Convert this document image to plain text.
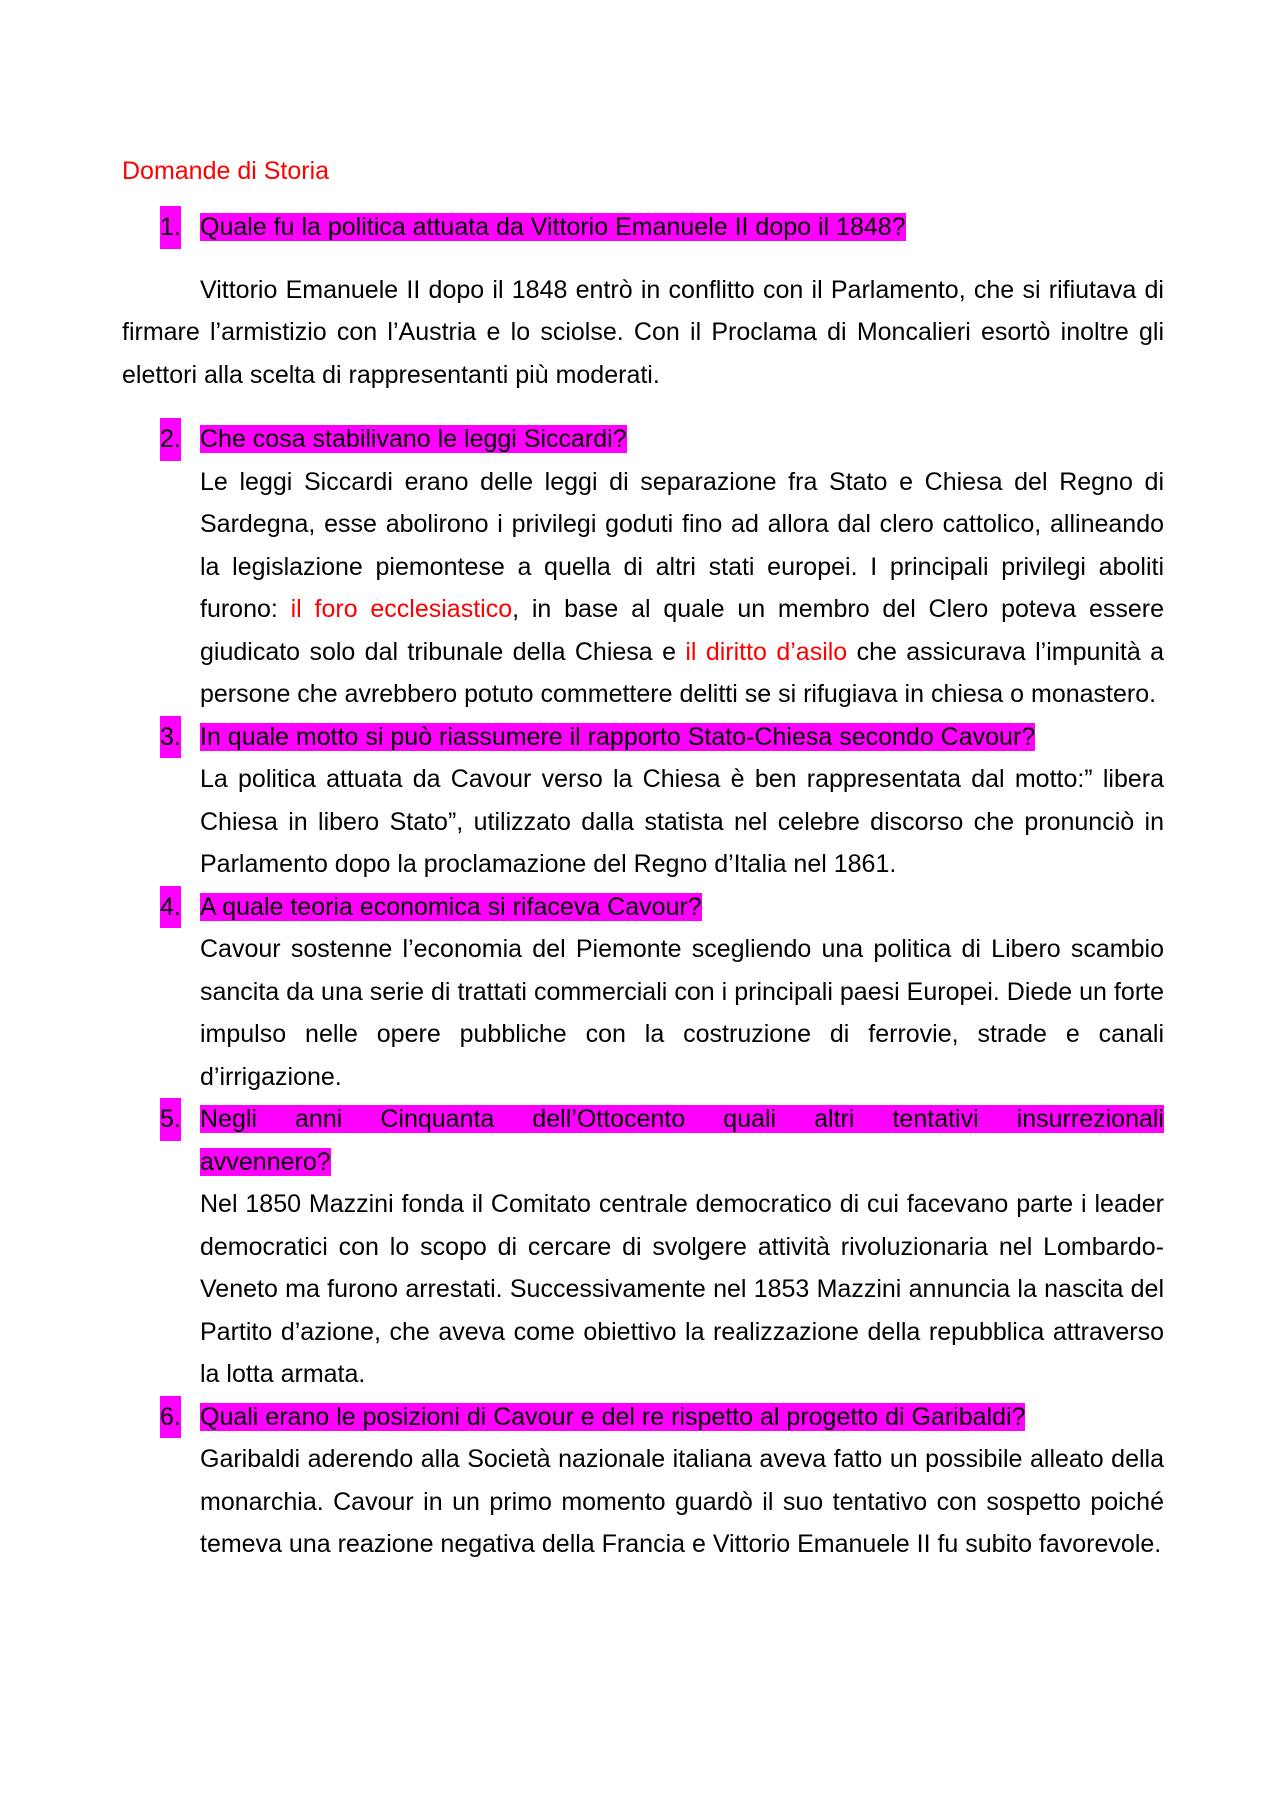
Domande di Storia
1. Quale fu la politica attuata da Vittorio Emanuele II dopo il 1848?
Vittorio Emanuele II dopo il 1848 entrò in conflitto con il Parlamento, che si rifiutava di firmare l’armistizio con l’Austria e lo sciolse. Con il Proclama di Moncalieri esortò inoltre gli elettori alla scelta di rappresentanti più moderati.
2. Che cosa stabilivano le leggi Siccardi?
Le leggi Siccardi erano delle leggi di separazione fra Stato e Chiesa del Regno di Sardegna, esse abolirono i privilegi goduti fino ad allora dal clero cattolico, allineando la legislazione piemontese a quella di altri stati europei. I principali privilegi aboliti furono: il foro ecclesiastico, in base al quale un membro del Clero poteva essere giudicato solo dal tribunale della Chiesa e il diritto d’asilo che assicurava l’impunità a persone che avrebbero potuto commettere delitti se si rifugiava in chiesa o monastero.
3. In quale motto si può riassumere il rapporto Stato-Chiesa secondo Cavour?
La politica attuata da Cavour verso la Chiesa è ben rappresentata dal motto:” libera Chiesa in libero Stato”, utilizzato dalla statista nel celebre discorso che pronunciò in Parlamento dopo la proclamazione del Regno d’Italia nel 1861.
4. A quale teoria economica si rifaceva Cavour?
Cavour sostenne l’economia del Piemonte scegliendo una politica di Libero scambio sancita da una serie di trattati commerciali con i principali paesi Europei. Diede un forte impulso nelle opere pubbliche con la costruzione di ferrovie, strade e canali d’irrigazione.
5. Negli anni Cinquanta dell’Ottocento quali altri tentativi insurrezionali
avvennero?
Nel 1850 Mazzini fonda il Comitato centrale democratico di cui facevano parte i leader democratici con lo scopo di cercare di svolgere attività rivoluzionaria nel Lombardo-Veneto ma furono arrestati. Successivamente nel 1853 Mazzini annuncia la nascita del Partito d’azione, che aveva come obiettivo la realizzazione della repubblica attraverso la lotta armata.
6. Quali erano le posizioni di Cavour e del re rispetto al progetto di Garibaldi?
Garibaldi aderendo alla Società nazionale italiana aveva fatto un possibile alleato della monarchia. Cavour in un primo momento guardò il suo tentativo con sospetto poiché temeva una reazione negativa della Francia e Vittorio Emanuele II fu subito favorevole.
